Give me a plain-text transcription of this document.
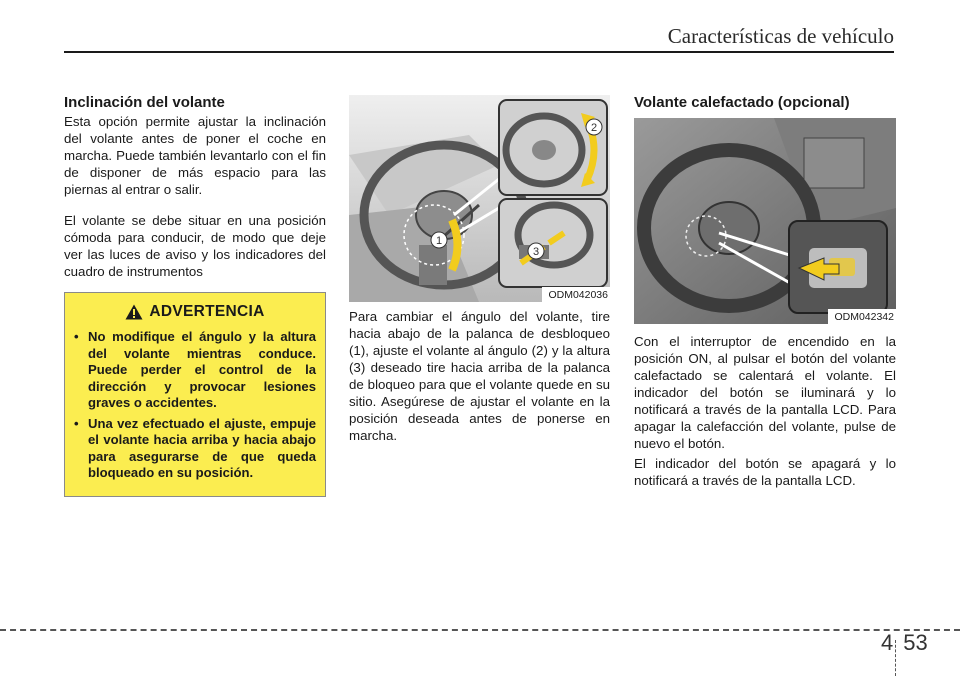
Características de vehículo
Inclinación del volante

Esta opción permite ajustar la inclinación del volante antes de poner el coche en marcha. Puede también levantarlo con el fin de disponer de más espacio para las piernas al entrar o salir.

El volante se debe situar en una posición cómoda para conducir, de modo que deje ver las luces de aviso y los indicadores del cuadro de instrumentos

ADVERTENCIA
• No modifique el ángulo y la altura del volante mientras conduce. Puede perder el control de la dirección y provocar lesiones graves o accidentes.
• Una vez efectuado el ajuste, empuje el volante hacia arriba y hacia abajo para asegurarse de que queda bloqueado en su posición.
1
2
3
ODM042036

Para cambiar el ángulo del volante, tire hacia abajo de la palanca de desbloqueo (1), ajuste el volante al ángulo (2) y la altura (3) deseado tire hacia arriba de la palanca de bloqueo para que el volante quede en su sitio. Asegúrese de ajustar el volante en la posición deseada antes de ponerse en marcha.

Volante calefactado (opcional)
ODM042342

Con el interruptor de encendido en la posición ON, al pulsar el botón del volante calefactado se calentará el volante. El indicador del botón se iluminará y lo notificará a través de la pantalla LCD. Para apagar la calefacción del volante, pulse de nuevo el botón.

El indicador del botón se apagará y lo notificará a través de la pantalla LCD.

4 53
